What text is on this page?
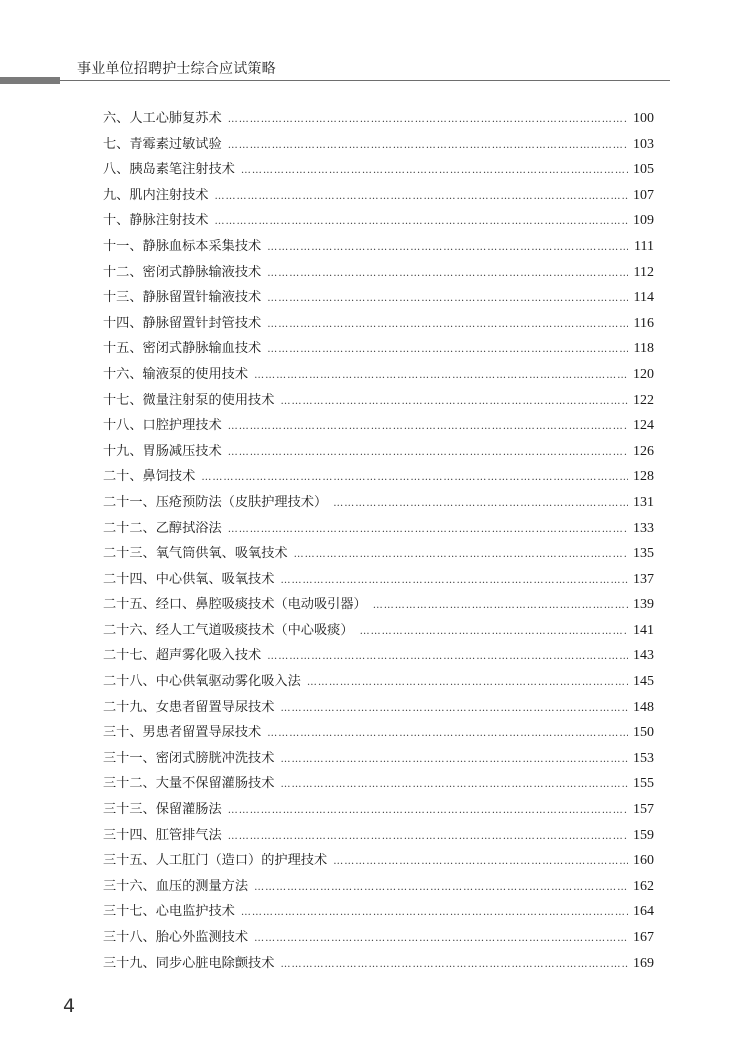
事业单位招聘护士综合应试策略
六、人工心肺复苏术 …………………………………………………………………………………………………………………………………………………………………………………………………………	100
七、青霉素过敏试验 …………………………………………………………………………………………………………………………………………………………………………………………………………	103
八、胰岛素笔注射技术 …………………………………………………………………………………………………………………………………………………………………………………………………………	105
九、肌内注射技术 …………………………………………………………………………………………………………………………………………………………………………………………………………	107
十、静脉注射技术 …………………………………………………………………………………………………………………………………………………………………………………………………………	109
十一、静脉血标本采集技术 …………………………………………………………………………………………………………………………………………………………………………………………………………	111
十二、密闭式静脉输液技术 …………………………………………………………………………………………………………………………………………………………………………………………………………	112
十三、静脉留置针输液技术 …………………………………………………………………………………………………………………………………………………………………………………………………………	114
十四、静脉留置针封管技术 …………………………………………………………………………………………………………………………………………………………………………………………………………	116
十五、密闭式静脉输血技术 …………………………………………………………………………………………………………………………………………………………………………………………………………	118
十六、输液泵的使用技术 …………………………………………………………………………………………………………………………………………………………………………………………………………	120
十七、微量注射泵的使用技术 …………………………………………………………………………………………………………………………………………………………………………………………………………	122
十八、口腔护理技术 …………………………………………………………………………………………………………………………………………………………………………………………………………	124
十九、胃肠减压技术 …………………………………………………………………………………………………………………………………………………………………………………………………………	126
二十、鼻饲技术 …………………………………………………………………………………………………………………………………………………………………………………………………………	128
二十一、压疮预防法（皮肤护理技术） …………………………………………………………………………………………………………………………………………………………………………………………………………	131
二十二、乙醇拭浴法 …………………………………………………………………………………………………………………………………………………………………………………………………………	133
二十三、氧气筒供氧、吸氧技术 …………………………………………………………………………………………………………………………………………………………………………………………………………	135
二十四、中心供氧、吸氧技术 …………………………………………………………………………………………………………………………………………………………………………………………………………	137
二十五、经口、鼻腔吸痰技术（电动吸引器） …………………………………………………………………………………………………………………………………………………………………………………………………………	139
二十六、经人工气道吸痰技术（中心吸痰） …………………………………………………………………………………………………………………………………………………………………………………………………………	141
二十七、超声雾化吸入技术 …………………………………………………………………………………………………………………………………………………………………………………………………………	143
二十八、中心供氧驱动雾化吸入法 …………………………………………………………………………………………………………………………………………………………………………………………………………	145
二十九、女患者留置导尿技术 …………………………………………………………………………………………………………………………………………………………………………………………………………	148
三十、男患者留置导尿技术 …………………………………………………………………………………………………………………………………………………………………………………………………………	150
三十一、密闭式膀胱冲洗技术 …………………………………………………………………………………………………………………………………………………………………………………………………………	153
三十二、大量不保留灌肠技术 …………………………………………………………………………………………………………………………………………………………………………………………………………	155
三十三、保留灌肠法 …………………………………………………………………………………………………………………………………………………………………………………………………………	157
三十四、肛管排气法 …………………………………………………………………………………………………………………………………………………………………………………………………………	159
三十五、人工肛门（造口）的护理技术 …………………………………………………………………………………………………………………………………………………………………………………………………………	160
三十六、血压的测量方法 …………………………………………………………………………………………………………………………………………………………………………………………………………	162
三十七、心电监护技术 …………………………………………………………………………………………………………………………………………………………………………………………………………	164
三十八、胎心外监测技术 …………………………………………………………………………………………………………………………………………………………………………………………………………	167
三十九、同步心脏电除颤技术 …………………………………………………………………………………………………………………………………………………………………………………………………………	169
4
